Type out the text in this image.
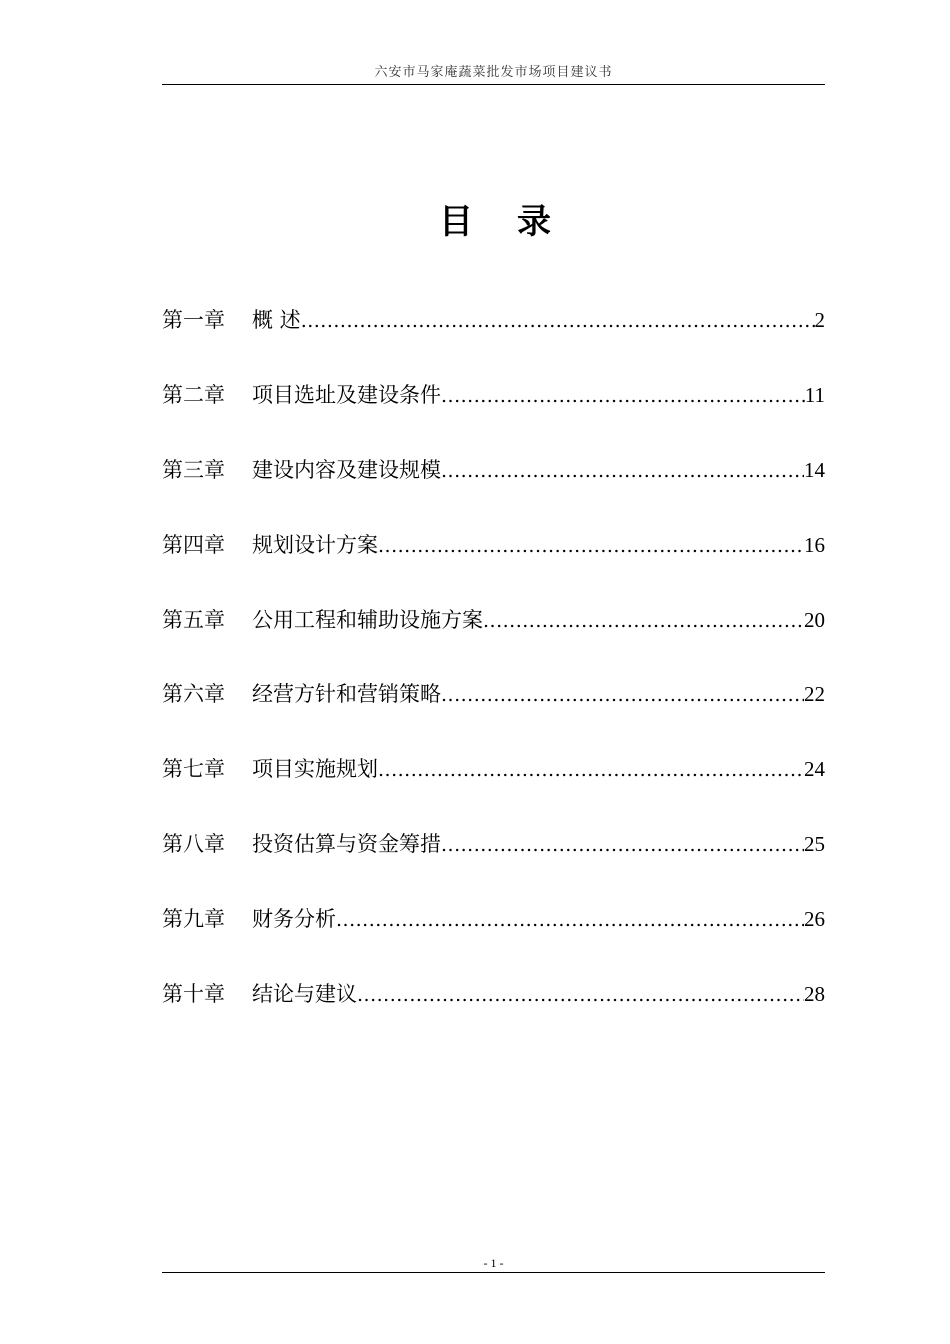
六安市马家庵蔬菜批发市场项目建议书
目 录
第一章	概 述 .....	2
第二章	项目选址及建设条件 .....	11
第三章	建设内容及建设规模 .....	14
第四章	规划设计方案 .....	16
第五章	公用工程和辅助设施方案 .....	20
第六章	经营方针和营销策略 .....	22
第七章	项目实施规划 .....	24
第八章	投资估算与资金筹措 .....	25
第九章	财务分析 .....	26
第十章	结论与建议 .....	28
- 1 -
